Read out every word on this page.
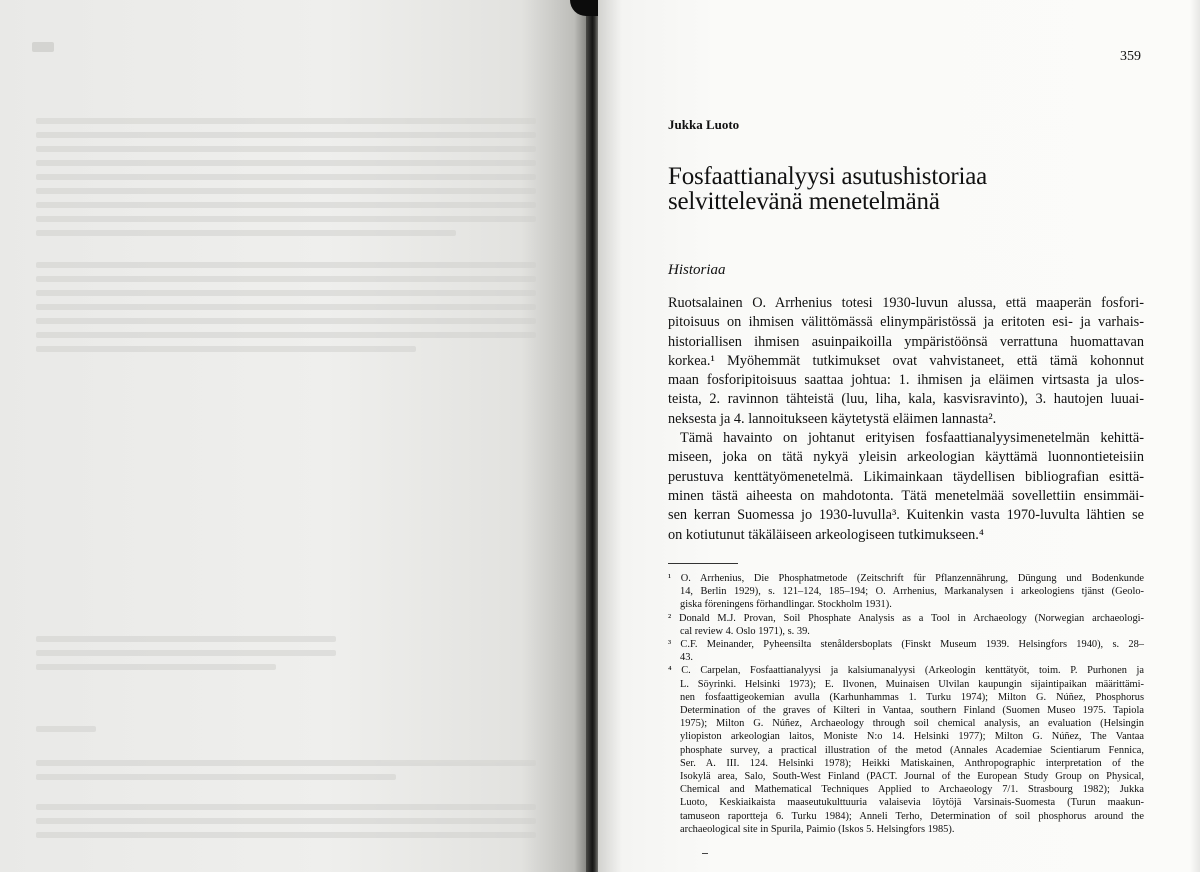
359
Jukka Luoto
Fosfaattianalyysi asutushistoriaa
selvittelevänä menetelmänä
Historiaa
Ruotsalainen O. Arrhenius totesi 1930-luvun alussa, että maaperän fosfori-
pitoisuus on ihmisen välittömässä elinympäristössä ja eritoten esi- ja varhais-
historiallisen ihmisen asuinpaikoilla ympäristöönsä verrattuna huomattavan
korkea.¹ Myöhemmät tutkimukset ovat vahvistaneet, että tämä kohonnut
maan fosforipitoisuus saattaa johtua: 1. ihmisen ja eläimen virtsasta ja ulos-
teista, 2. ravinnon tähteistä (luu, liha, kala, kasvisravinto), 3. hautojen luuai-
neksesta ja 4. lannoitukseen käytetystä eläimen lannasta².
Tämä havainto on johtanut erityisen fosfaattianalyysimenetelmän kehittä-
miseen, joka on tätä nykyä yleisin arkeologian käyttämä luonnontieteisiin
perustuva kenttätyömenetelmä. Likimainkaan täydellisen bibliografian esittä-
minen tästä aiheesta on mahdotonta. Tätä menetelmää sovellettiin ensimmäi-
sen kerran Suomessa jo 1930-luvulla³. Kuitenkin vasta 1970-luvulta lähtien se
on kotiutunut täkäläiseen arkeologiseen tutkimukseen.⁴
¹ O. Arrhenius, Die Phosphatmetode (Zeitschrift für Pflanzennährung, Düngung und Bodenkunde
14, Berlin 1929), s. 121–124, 185–194; O. Arrhenius, Markanalysen i arkeologiens tjänst (Geolo-
giska föreningens förhandlingar. Stockholm 1931).
² Donald M.J. Provan, Soil Phosphate Analysis as a Tool in Archaeology (Norwegian archaeologi-
cal review 4. Oslo 1971), s. 39.
³ C.F. Meinander, Pyheensilta stenåldersboplats (Finskt Museum 1939. Helsingfors 1940), s. 28–
43.
⁴ C. Carpelan, Fosfaattianalyysi ja kalsiumanalyysi (Arkeologin kenttätyöt, toim. P. Purhonen ja
L. Söyrinki. Helsinki 1973); E. Ilvonen, Muinaisen Ulvilan kaupungin sijaintipaikan määrittämi-
nen fosfaattigeokemian avulla (Karhunhammas 1. Turku 1974); Milton G. Núñez, Phosphorus
Determination of the graves of Kilteri in Vantaa, southern Finland (Suomen Museo 1975. Tapiola
1975); Milton G. Núñez, Archaeology through soil chemical analysis, an evaluation (Helsingin
yliopiston arkeologian laitos, Moniste N:o 14. Helsinki 1977); Milton G. Núñez, The Vantaa
phosphate survey, a practical illustration of the metod (Annales Academiae Scientiarum Fennica,
Ser. A. III. 124. Helsinki 1978); Heikki Matiskainen, Anthropographic interpretation of the
Isokylä area, Salo, South-West Finland (PACT. Journal of the European Study Group on Physical,
Chemical and Mathematical Techniques Applied to Archaeology 7/1. Strasbourg 1982); Jukka
Luoto, Keskiaikaista maaseutukulttuuria valaisevia löytöjä Varsinais-Suomesta (Turun maakun-
tamuseon raportteja 6. Turku 1984); Anneli Terho, Determination of soil phosphorus around the
archaeological site in Spurila, Paimio (Iskos 5. Helsingfors 1985).
